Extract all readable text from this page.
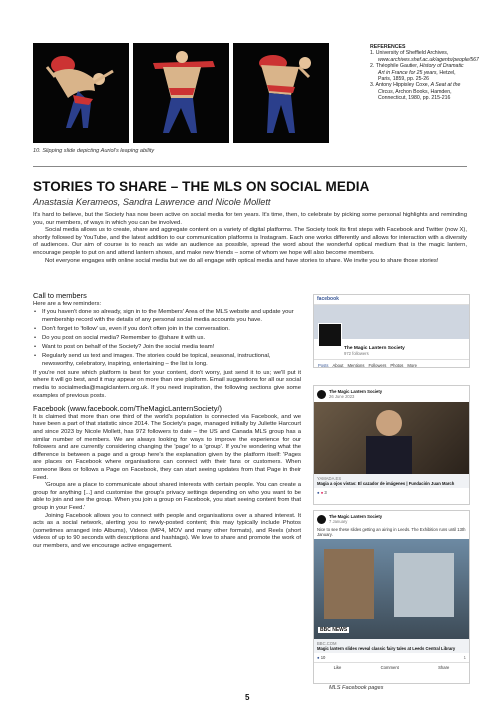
10. Slipping slide depicting Auriol's leaping ability
REFERENCES
1. University of Sheffield Archives, www.archives.shef.ac.uk/agents/people/567
2. Théophile Gautier, History of Dramatic Art in France for 25 years, Hetzel, Paris, 1859, pp. 25-26
3. Antony Hippisley Coxe, A Seat at the Circus, Archon Books, Hamden, Connecticut, 1980, pp. 215-216
STORIES TO SHARE – THE MLS ON SOCIAL MEDIA
Anastasia Kerameos, Sandra Lawrence and Nicole Mollett

It's hard to believe, but the Society has now been active on social media for ten years. It's time, then, to celebrate by picking some personal highlights and reminding you, our members, of ways in which you can be involved.

Social media allows us to create, share and aggregate content on a variety of digital platforms. The Society took its first steps with Facebook and Twitter (now X), shortly followed by YouTube, and the latest addition to our communication platforms is Instagram. Each one works differently and allows for interaction with a diversity of audiences. Our aim of course is to reach as wide an audience as possible, spread the word about the wonderful optical medium that is the magic lantern, encourage people to put on and attend lantern shows, and make new friends – some of whom we hope will also become members.

Not everyone engages with online social media but we do all engage with optical media and have stories to share. We invite you to share those stories!

Call to members

Here are a few reminders:

• If you haven't done so already, sign in to the Members' Area of the MLS website and update your membership record with the details of any personal social media accounts you have.
• Don't forget to 'follow' us, even if you don't often join in the conversation.
• Do you post on social media? Remember to @share it with us.
• Want to post on behalf of the Society? Join the social media team!
• Regularly send us text and images. The stories could be topical, seasonal, instructional, newsworthy, celebratory, inspiring, entertaining – the list is long.

If you're not sure which platform is best for your content, don't worry, just send it to us; we'll put it where it will go best, and it may appear on more than one platform. Email suggestions for all our social media to socialmedia@magiclantern.org.uk. If you need inspiration, the following sections give some examples of previous posts.

Facebook (www.facebook.com/TheMagicLanternSociety/)

It is claimed that more than one third of the world's population is connected via Facebook, and we have been a part of that statistic since 2014. The Society's page, managed initially by Juliette Harcourt and since 2023 by Nicole Mollett, has 972 followers to date – the US and Canada MLS group has a similar number of members. We are always looking for ways to improve the experience for our followers and are currently considering changing the 'page' to a 'group'. If you're wondering what the difference is between a page and a group here's the explanation given by the platform itself: 'Pages are places on Facebook where organisations can connect with their fans or customers. When someone likes or follows a Page on Facebook, they can start seeing updates from that Page in their Feed.

'Groups are a place to communicate about shared interests with certain people. You can create a group for anything [...] and customise the group's privacy settings depending on who you want to be able to join and see the group. When you join a group on Facebook, you start seeing content from that group in your Feed.'

Joining Facebook allows you to connect with people and organisations over a shared interest. It acts as a social network, alerting you to newly-posted content; this may typically include Photos (sometimes arranged into Albums), Videos (MP4, MOV and many other formats), and Reels (short videos of up to 90 seconds with descriptions and hashtags). We love to share and promote the work of our members, and we encourage active engagement.

facebook
The Magic Lantern Society
972 followers
Posts About Mentions Followers Photos More
The Magic Lantern Society
26 June 2023
YAMADA.ES
Magia a ojos vistas: El cazador de imágenes | Fundación Juan March
● ● 3
The Magic Lantern Society
7 January
Nice to see these slides getting an airing in Leeds. The Exhibition runs until 13th January.
BBC NEWS
BBC.COM
Magic lantern slides reveal classic fairy tales at Leeds Central Library
● 10	1
Like	Comment	Share
MLS Facebook pages
5
